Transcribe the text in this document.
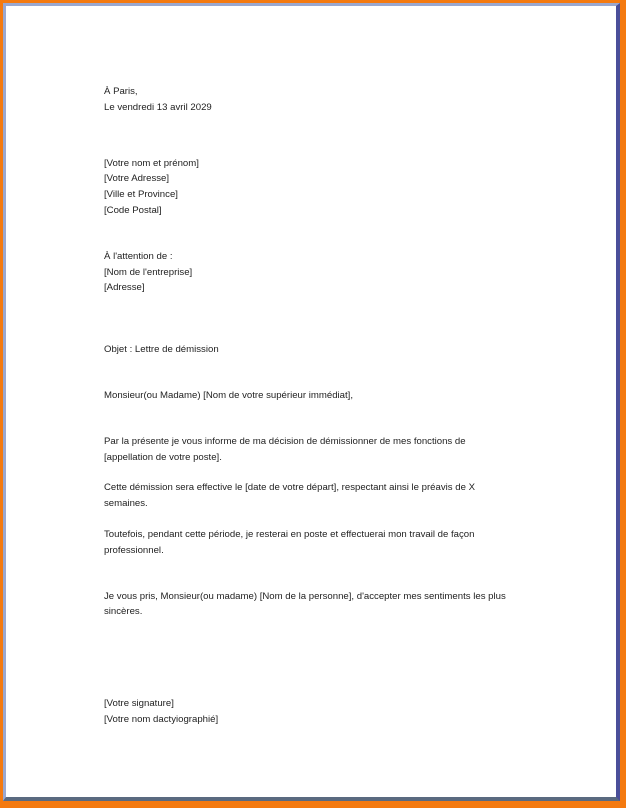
À Paris,
Le vendredi 13 avril 2029
[Votre nom et prénom]
[Votre Adresse]
[Ville et Province]
[Code Postal]
À l'attention de :
[Nom de l'entreprise]
[Adresse]
Objet : Lettre de démission
Monsieur(ou Madame) [Nom de votre supérieur immédiat],
Par la présente je vous informe de ma décision de démissionner de mes fonctions de
[appellation de votre poste].
Cette démission sera effective le [date de votre départ], respectant ainsi le préavis de X
semaines.
Toutefois, pendant cette période, je resterai en poste et effectuerai mon travail de façon
professionnel.
Je vous pris, Monsieur(ou madame) [Nom de la personne], d'accepter mes sentiments les plus
sincères.
[Votre signature]
[Votre nom dactyiographié]
